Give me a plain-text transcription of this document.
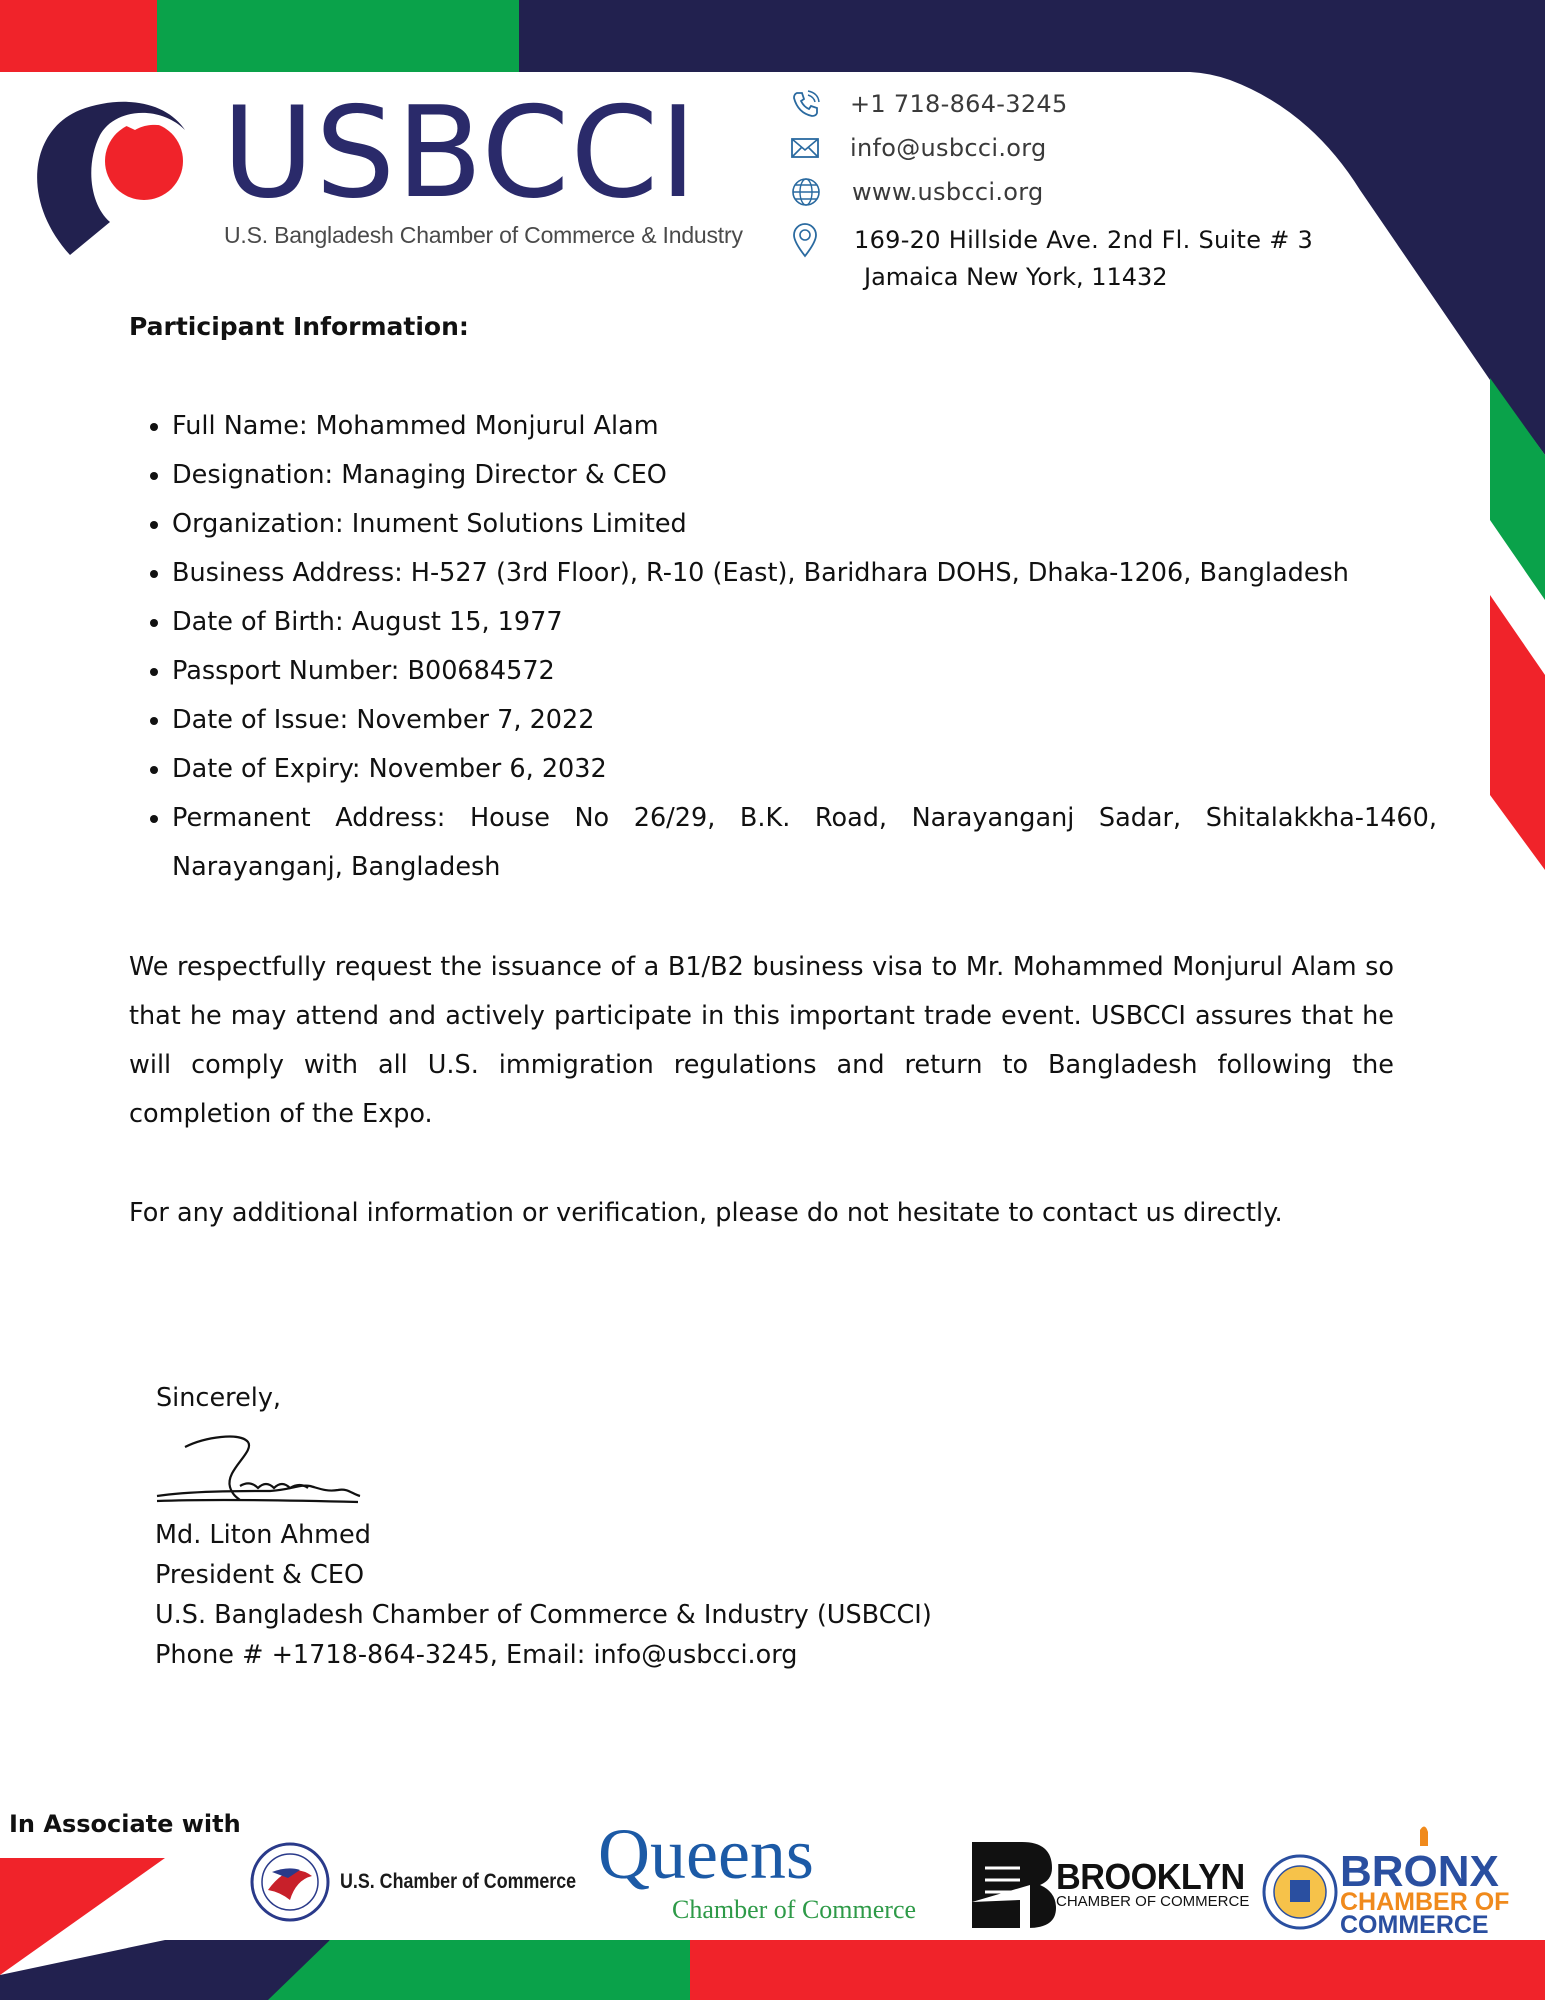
USBCCI
U.S. Bangladesh Chamber of Commerce & Industry
+1 718-864-3245
info@usbcci.org
www.usbcci.org
169-20 Hillside Ave. 2nd Fl. Suite # 3
Jamaica New York, 11432
Participant Information:
• Full Name: Mohammed Monjurul Alam
• Designation: Managing Director & CEO
• Organization: Inument Solutions Limited
• Business Address: H-527 (3rd Floor), R-10 (East), Baridhara DOHS, Dhaka-1206, Bangladesh
• Date of Birth: August 15, 1977
• Passport Number: B00684572
• Date of Issue: November 7, 2022
• Date of Expiry: November 6, 2032
• Permanent Address: House No 26/29, B.K. Road, Narayanganj Sadar, Shitalakkha-1460, Narayanganj, Bangladesh

We respectfully request the issuance of a B1/B2 business visa to Mr. Mohammed Monjurul Alam so that he may attend and actively participate in this important trade event. USBCCI assures that he will comply with all U.S. immigration regulations and return to Bangladesh following the completion of the Expo.

For any additional information or verification, please do not hesitate to contact us directly.

Sincerely,
Md. Liton Ahmed
President & CEO
U.S. Bangladesh Chamber of Commerce & Industry (USBCCI)
Phone # +1718-864-3245, Email: info@usbcci.org
In Associate with
U.S. Chamber of Commerce Queens
Chamber of Commerce
BROOKLYN
CHAMBER OF COMMERCE
BRONX
CHAMBER OF
COMMERCE
